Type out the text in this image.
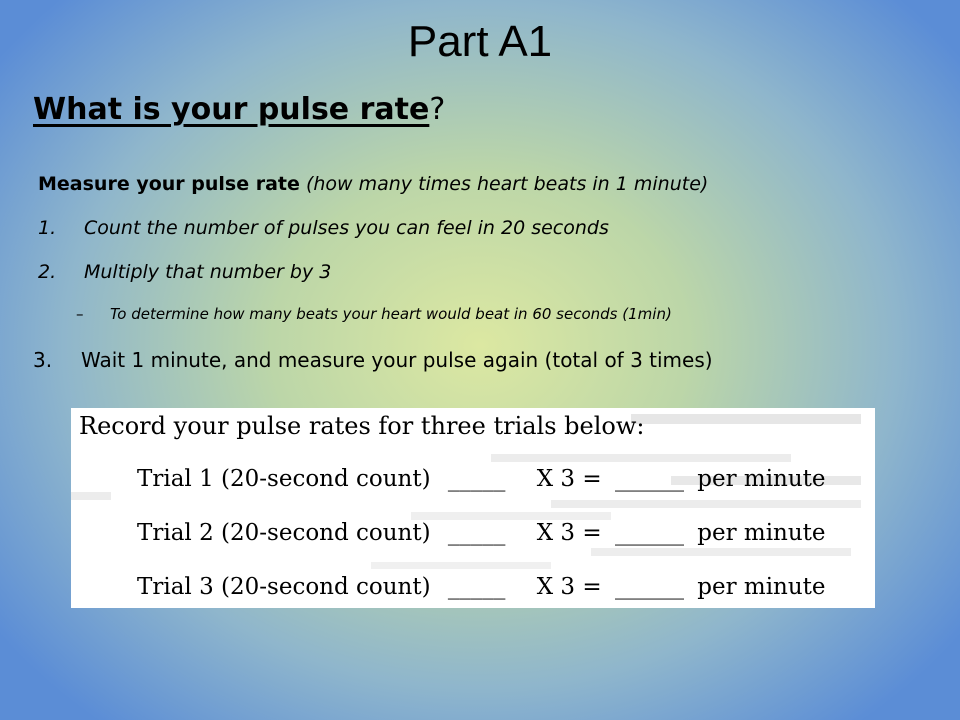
Part A1
What is your pulse rate?
Measure your pulse rate (how many times heart beats in 1 minute)
1. Count the number of pulses you can feel in 20 seconds
2. Multiply that number by 3
– To determine how many beats your heart would beat in 60 seconds (1min)
3. Wait 1 minute, and measure your pulse again (total of 3 times)
Record your pulse rates for three trials below:
Trial 1 (20-second count) _____ X 3 = ______ per minute
Trial 2 (20-second count) _____ X 3 = ______ per minute
Trial 3 (20-second count) _____ X 3 = ______ per minute
